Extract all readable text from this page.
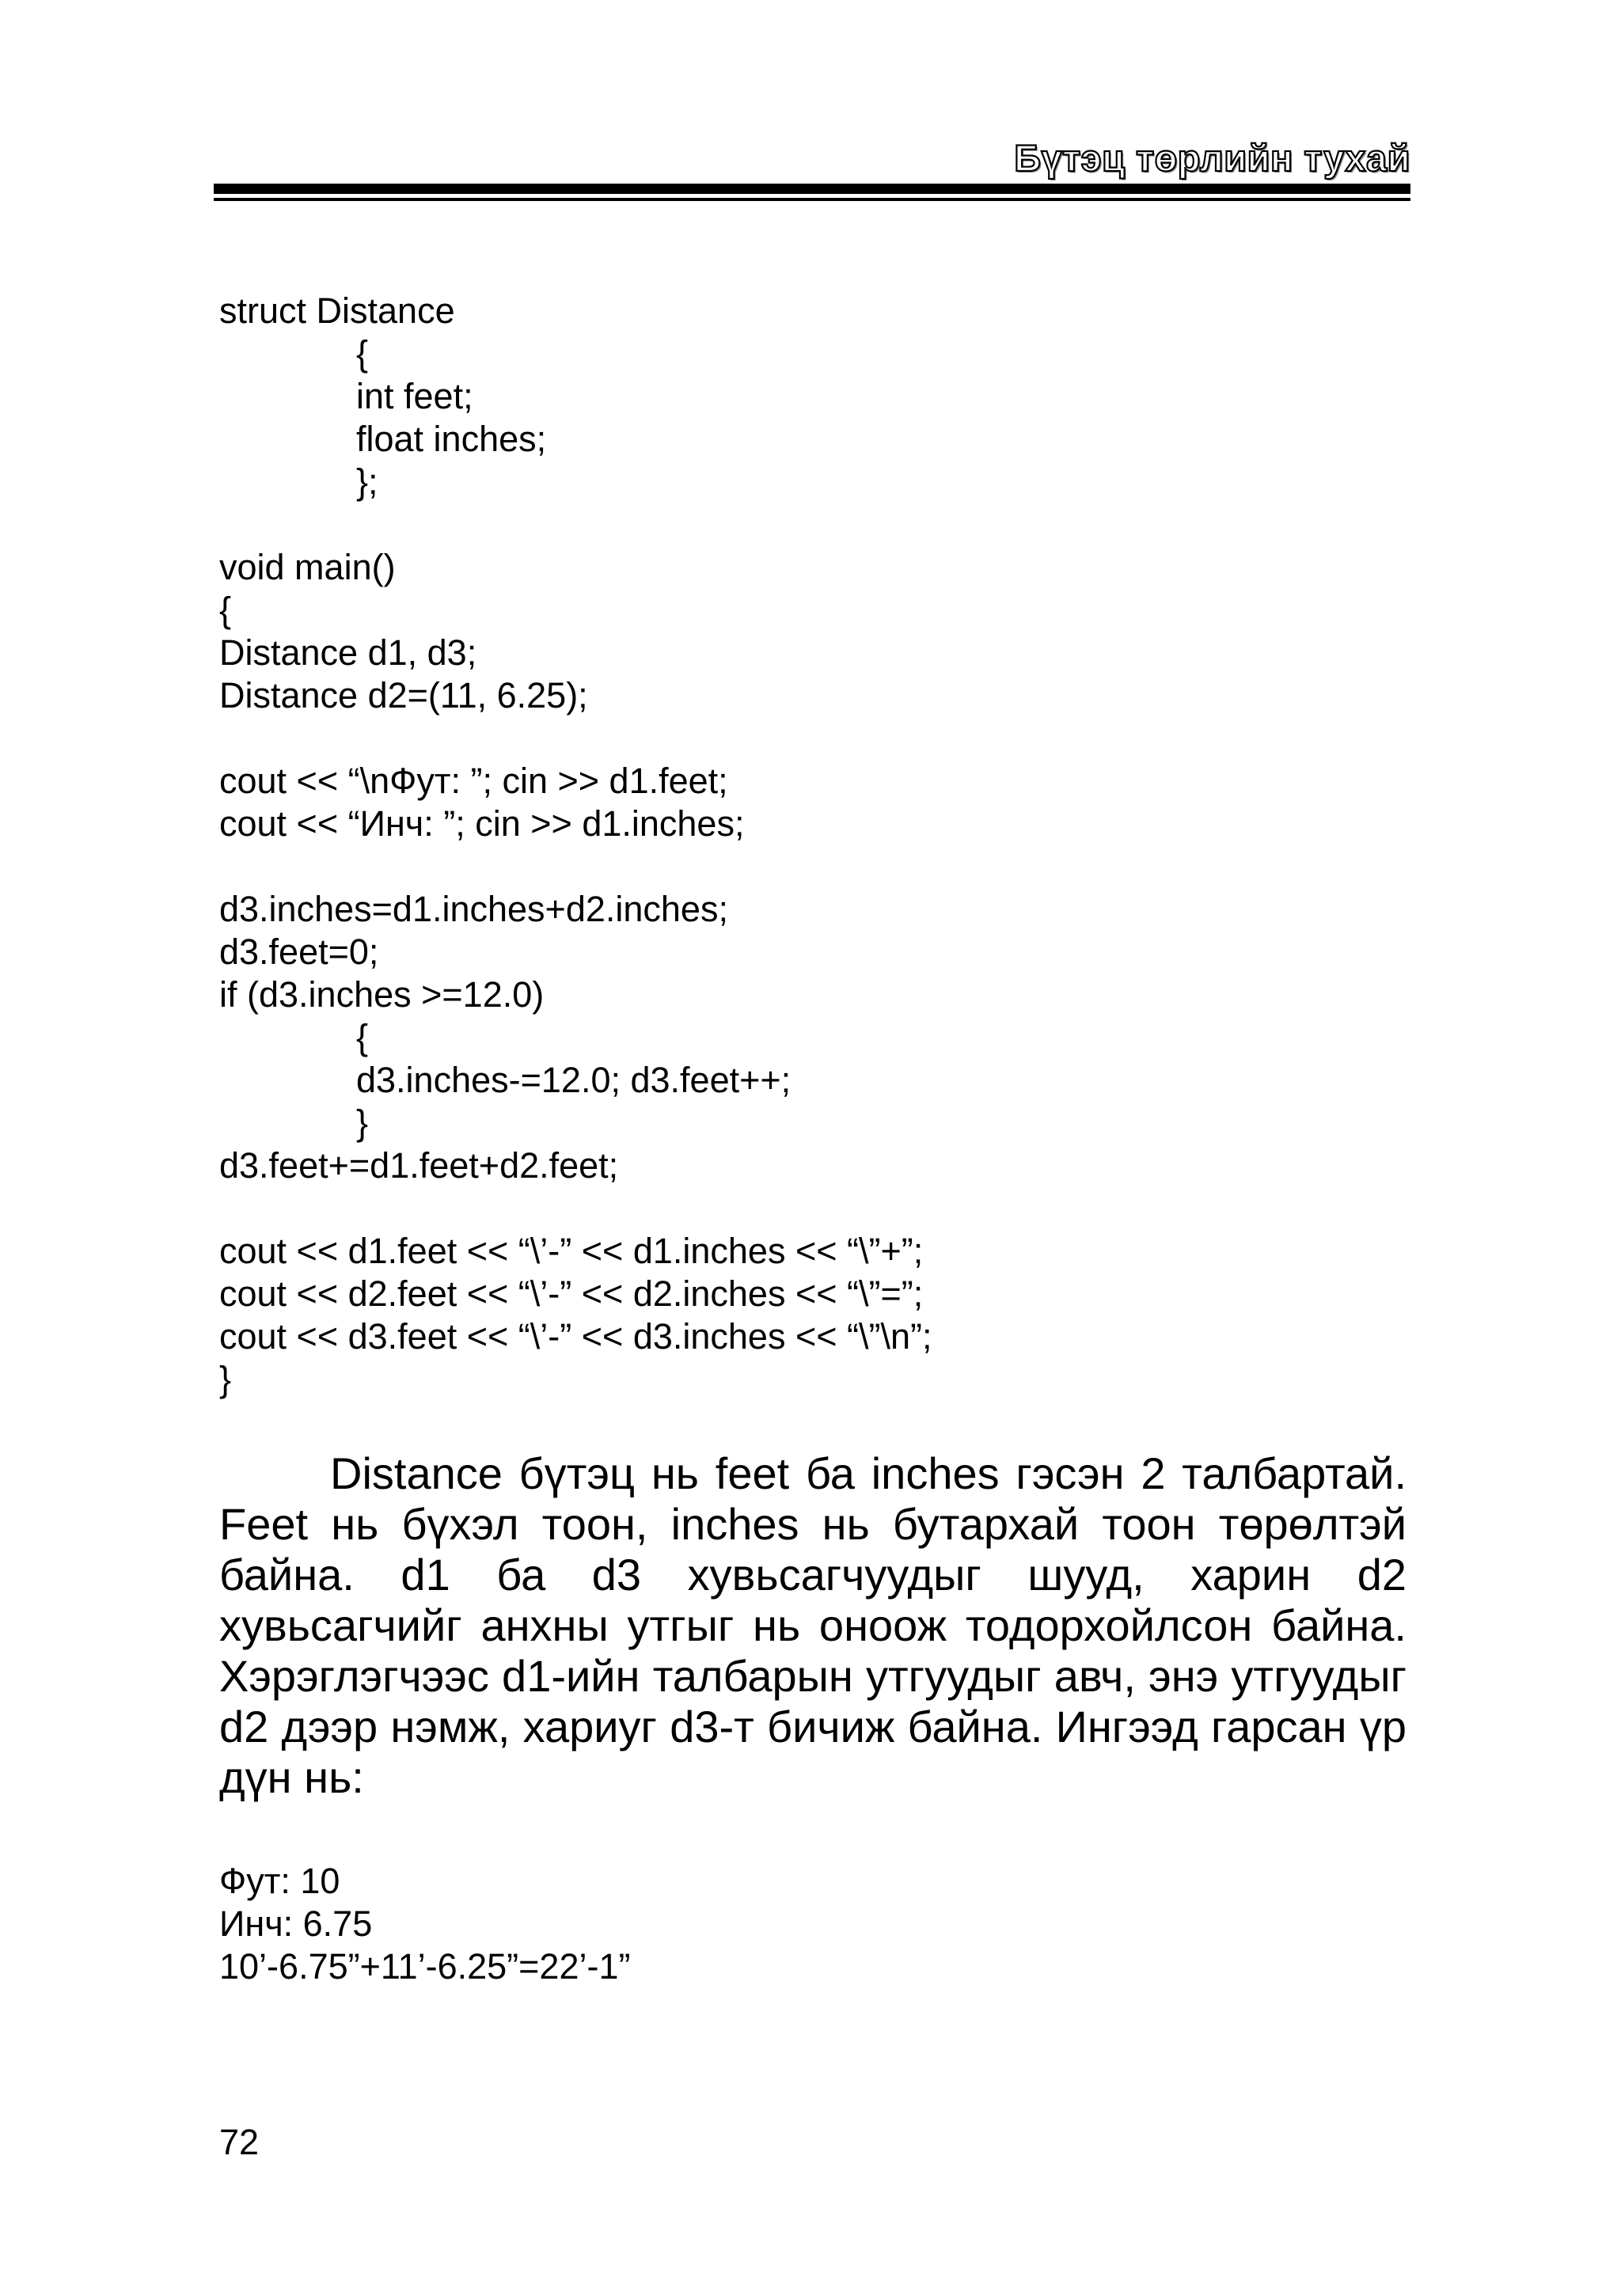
Бүтэц төрлийн тухай
struct Distance
{
int feet;
float inches;
};
void main()
{
Distance d1, d3;
Distance d2=(11, 6.25);
cout << “\nФут: ”; cin >> d1.feet;
cout << “Инч: ”; cin >> d1.inches;
d3.inches=d1.inches+d2.inches;
d3.feet=0;
if (d3.inches >=12.0)
{
d3.inches-=12.0; d3.feet++;
}
d3.feet+=d1.feet+d2.feet;
cout << d1.feet << “\’-” << d1.inches << “\”+”;
cout << d2.feet << “\’-” << d2.inches << “\”=”;
cout << d3.feet << “\’-” << d3.inches << “\”\n”;
}

Distance бүтэц нь feet ба inches гэсэн 2 талбартай. Feet нь бүхэл тоон, inches нь бутархай тоон төрөлтэй байна. d1 ба d3 хувьсагчуудыг шууд, харин d2 хувьсагчийг анхны утгыг нь оноож тодорхойлсон байна. Хэрэглэгчээс d1-ийн талбарын утгуудыг авч, энэ утгуудыг d2 дээр нэмж, хариуг d3-т бичиж байна. Ингээд гарсан үр дүн нь:

Фут: 10
Инч: 6.75
10’-6.75”+11’-6.25”=22’-1”
72
